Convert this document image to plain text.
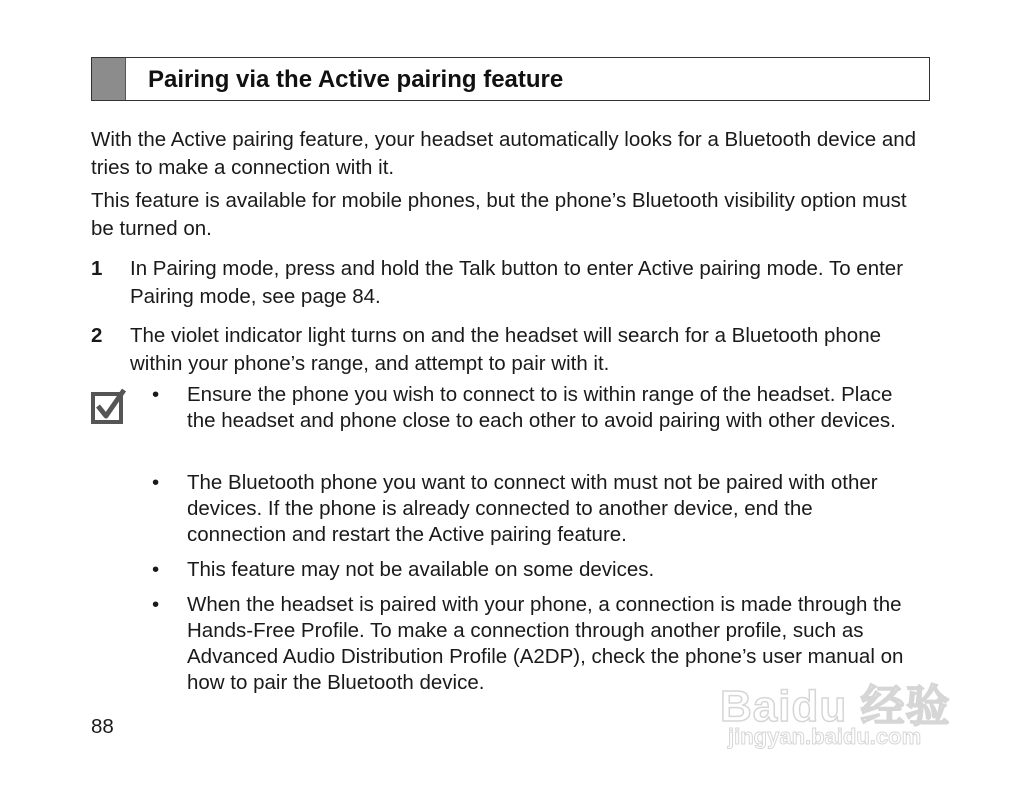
Pairing via the Active pairing feature

With the Active pairing feature, your headset automatically looks for a Bluetooth device and tries to make a connection with it.

This feature is available for mobile phones, but the phone’s Bluetooth visibility option must be turned on.

1 In Pairing mode, press and hold the Talk button to enter Active pairing mode. To enter Pairing mode, see page 84.
2 The violet indicator light turns on and the headset will search for a Bluetooth phone within your phone’s range, and attempt to pair with it.
• Ensure the phone you wish to connect to is within range of the headset. Place the headset and phone close to each other to avoid pairing with other devices.
• The Bluetooth phone you want to connect with must not be paired with other devices. If the phone is already connected to another device, end the connection and restart the Active pairing feature.
• This feature may not be available on some devices.
• When the headset is paired with your phone, a connection is made through the Hands-Free Profile. To make a connection through another profile, such as Advanced Audio Distribution Profile (A2DP), check the phone’s user manual on how to pair the Bluetooth device.
88	Baidu 经验
jingyan.baidu.com
